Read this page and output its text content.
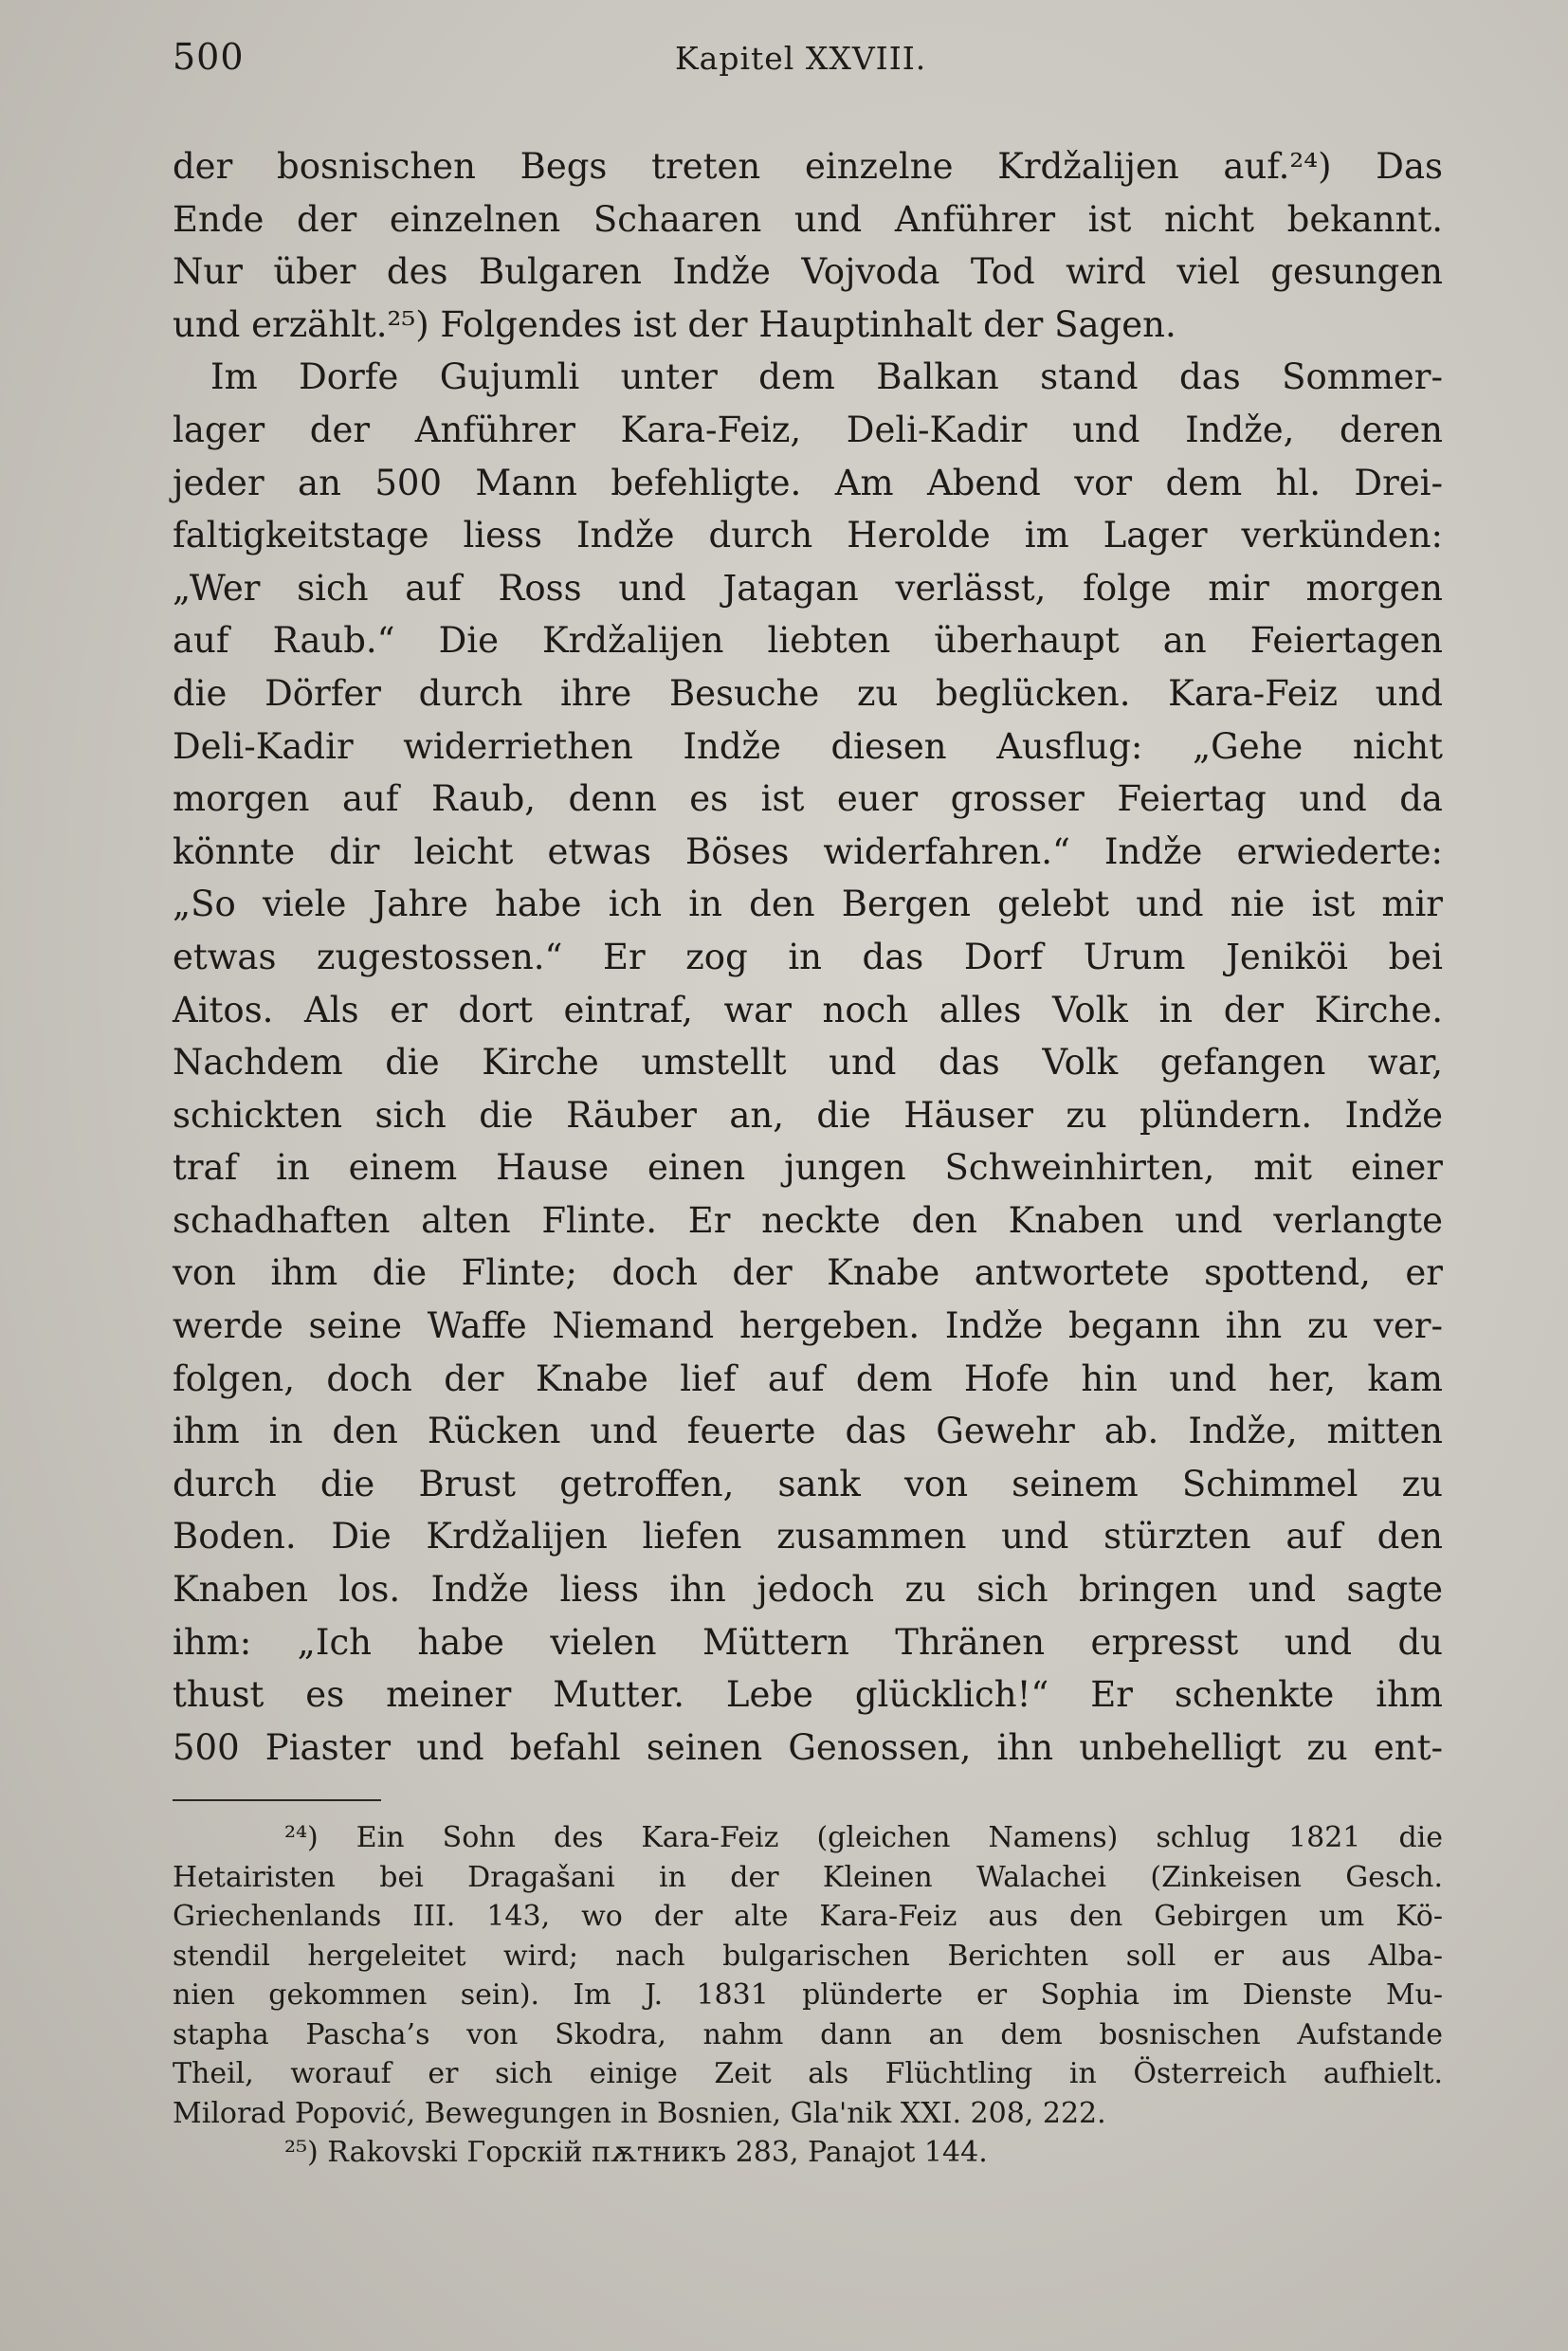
500	Kapitel XXVIII.
der bosnischen Begs treten einzelne Krdžalijen auf.²⁴) Das
Ende der einzelnen Schaaren und Anführer ist nicht bekannt.
Nur über des Bulgaren Indže Vojvoda Tod wird viel gesungen
und erzählt.²⁵) Folgendes ist der Hauptinhalt der Sagen.
Im Dorfe Gujumli unter dem Balkan stand das Sommer-
lager der Anführer Kara-Feiz, Deli-Kadir und Indže, deren
jeder an 500 Mann befehligte. Am Abend vor dem hl. Drei-
faltigkeitstage liess Indže durch Herolde im Lager verkünden:
„Wer sich auf Ross und Jatagan verlässt, folge mir morgen
auf Raub.“ Die Krdžalijen liebten überhaupt an Feiertagen
die Dörfer durch ihre Besuche zu beglücken. Kara-Feiz und
Deli-Kadir widerriethen Indže diesen Ausflug: „Gehe nicht
morgen auf Raub, denn es ist euer grosser Feiertag und da
könnte dir leicht etwas Böses widerfahren.“ Indže erwiederte:
„So viele Jahre habe ich in den Bergen gelebt und nie ist mir
etwas zugestossen.“ Er zog in das Dorf Urum Jeniköi bei
Aitos. Als er dort eintraf, war noch alles Volk in der Kirche.
Nachdem die Kirche umstellt und das Volk gefangen war,
schickten sich die Räuber an, die Häuser zu plündern. Indže
traf in einem Hause einen jungen Schweinhirten, mit einer
schadhaften alten Flinte. Er neckte den Knaben und verlangte
von ihm die Flinte; doch der Knabe antwortete spottend, er
werde seine Waffe Niemand hergeben. Indže begann ihn zu ver-
folgen, doch der Knabe lief auf dem Hofe hin und her, kam
ihm in den Rücken und feuerte das Gewehr ab. Indže, mitten
durch die Brust getroffen, sank von seinem Schimmel zu
Boden. Die Krdžalijen liefen zusammen und stürzten auf den
Knaben los. Indže liess ihn jedoch zu sich bringen und sagte
ihm: „Ich habe vielen Müttern Thränen erpresst und du
thust es meiner Mutter. Lebe glücklich!“ Er schenkte ihm
500 Piaster und befahl seinen Genossen, ihn unbehelligt zu ent-
²⁴) Ein Sohn des Kara-Feiz (gleichen Namens) schlug 1821 die
Hetairisten bei Dragašani in der Kleinen Walachei (Zinkeisen Gesch.
Griechenlands III. 143, wo der alte Kara-Feiz aus den Gebirgen um Kö-
stendil hergeleitet wird; nach bulgarischen Berichten soll er aus Alba-
nien gekommen sein). Im J. 1831 plünderte er Sophia im Dienste Mu-
stapha Pascha’s von Skodra, nahm dann an dem bosnischen Aufstande
Theil, worauf er sich einige Zeit als Flüchtling in Österreich aufhielt.
Milorad Popović, Bewegungen in Bosnien, Gla'nik XXI. 208, 222.
²⁵) Rakovski Горскій пѫтникъ 283, Panajot 144.
